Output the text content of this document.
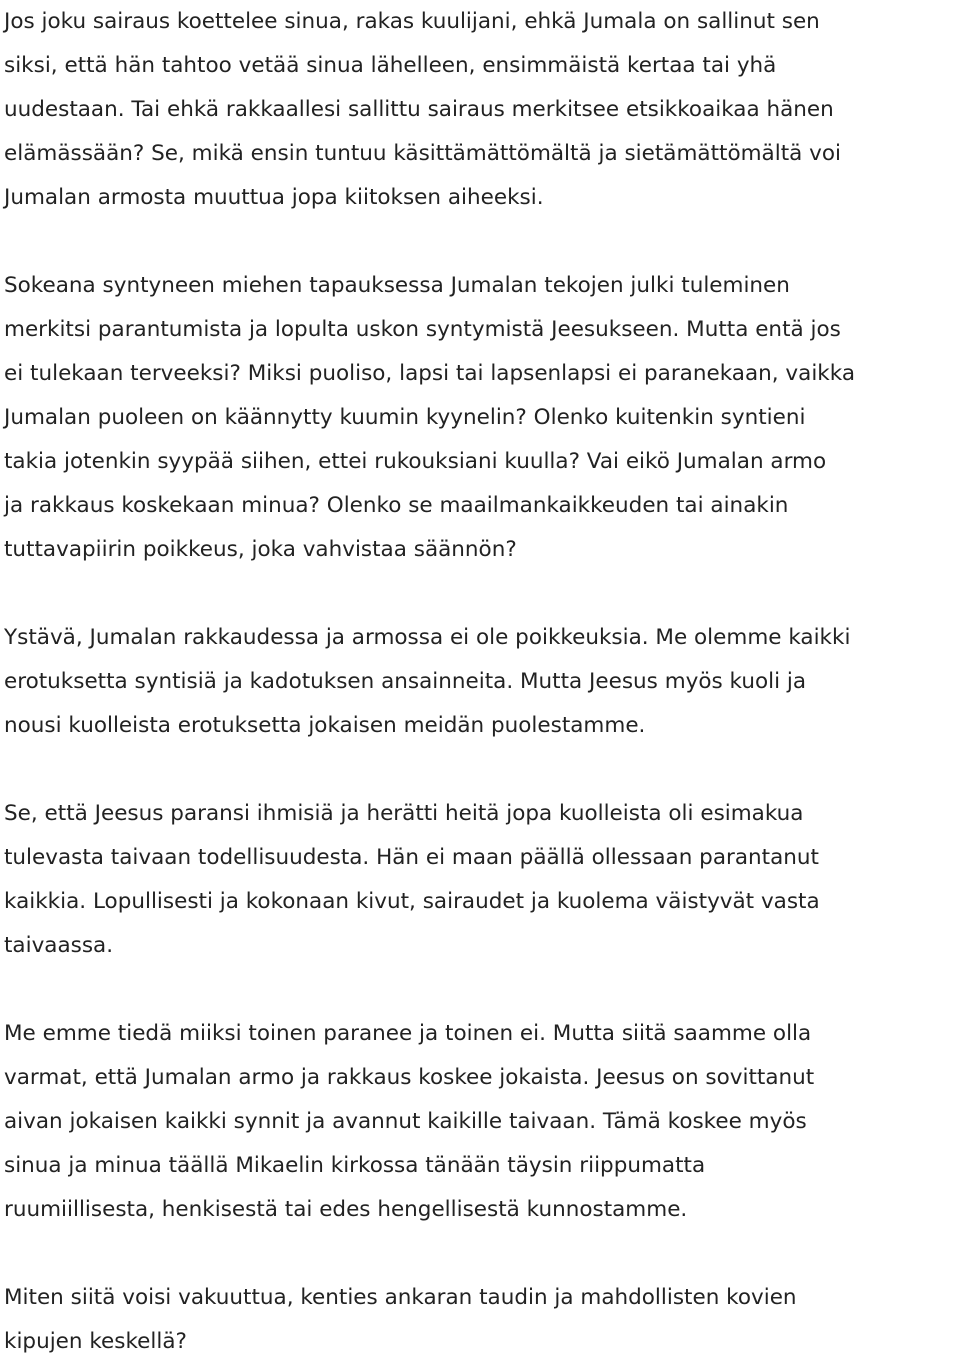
Jos joku sairaus koettelee sinua, rakas kuulijani, ehkä Jumala on sallinut sen
siksi, että hän tahtoo vetää sinua lähelleen, ensimmäistä kertaa tai yhä
uudestaan. Tai ehkä rakkaallesi sallittu sairaus merkitsee etsikkoaikaa hänen
elämässään? Se, mikä ensin tuntuu käsittämättömältä ja sietämättömältä voi
Jumalan armosta muuttua jopa kiitoksen aiheeksi.

Sokeana syntyneen miehen tapauksessa Jumalan tekojen julki tuleminen
merkitsi parantumista ja lopulta uskon syntymistä Jeesukseen. Mutta entä jos
ei tulekaan terveeksi? Miksi puoliso, lapsi tai lapsenlapsi ei paranekaan, vaikka
Jumalan puoleen on käännytty kuumin kyynelin? Olenko kuitenkin syntieni
takia jotenkin syypää siihen, ettei rukouksiani kuulla? Vai eikö Jumalan armo
ja rakkaus koskekaan minua? Olenko se maailmankaikkeuden tai ainakin
tuttavapiirin poikkeus, joka vahvistaa säännön?

Ystävä, Jumalan rakkaudessa ja armossa ei ole poikkeuksia. Me olemme kaikki
erotuksetta syntisiä ja kadotuksen ansainneita. Mutta Jeesus myös kuoli ja
nousi kuolleista erotuksetta jokaisen meidän puolestamme.

Se, että Jeesus paransi ihmisiä ja herätti heitä jopa kuolleista oli esimakua
tulevasta taivaan todellisuudesta. Hän ei maan päällä ollessaan parantanut
kaikkia. Lopullisesti ja kokonaan kivut, sairaudet ja kuolema väistyvät vasta
taivaassa.

Me emme tiedä miiksi toinen paranee ja toinen ei. Mutta siitä saamme olla
varmat, että Jumalan armo ja rakkaus koskee jokaista. Jeesus on sovittanut
aivan jokaisen kaikki synnit ja avannut kaikille taivaan. Tämä koskee myös
sinua ja minua täällä Mikaelin kirkossa tänään täysin riippumatta
ruumiillisesta, henkisestä tai edes hengellisestä kunnostamme.

Miten siitä voisi vakuuttua, kenties ankaran taudin ja mahdollisten kovien
kipujen keskellä?
